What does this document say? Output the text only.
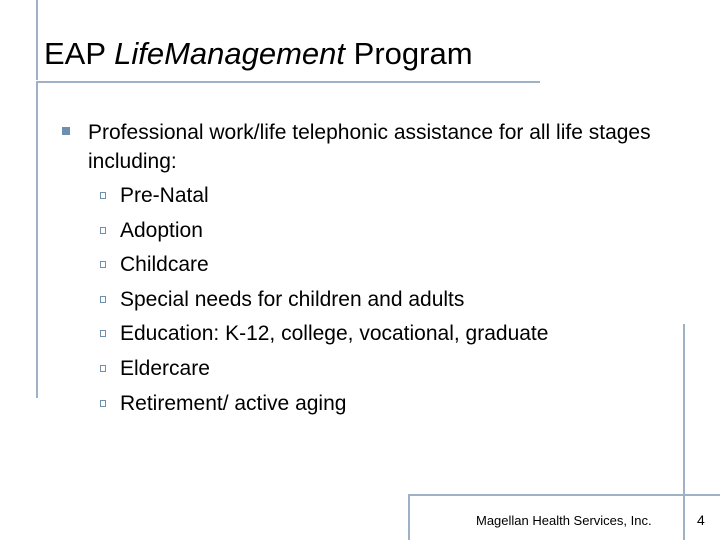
EAP LifeManagement Program
Professional work/life telephonic assistance for all life stages including:
Pre-Natal
Adoption
Childcare
Special needs for children and adults
Education: K-12, college, vocational, graduate
Eldercare
Retirement/ active aging
Magellan Health Services, Inc.	4
